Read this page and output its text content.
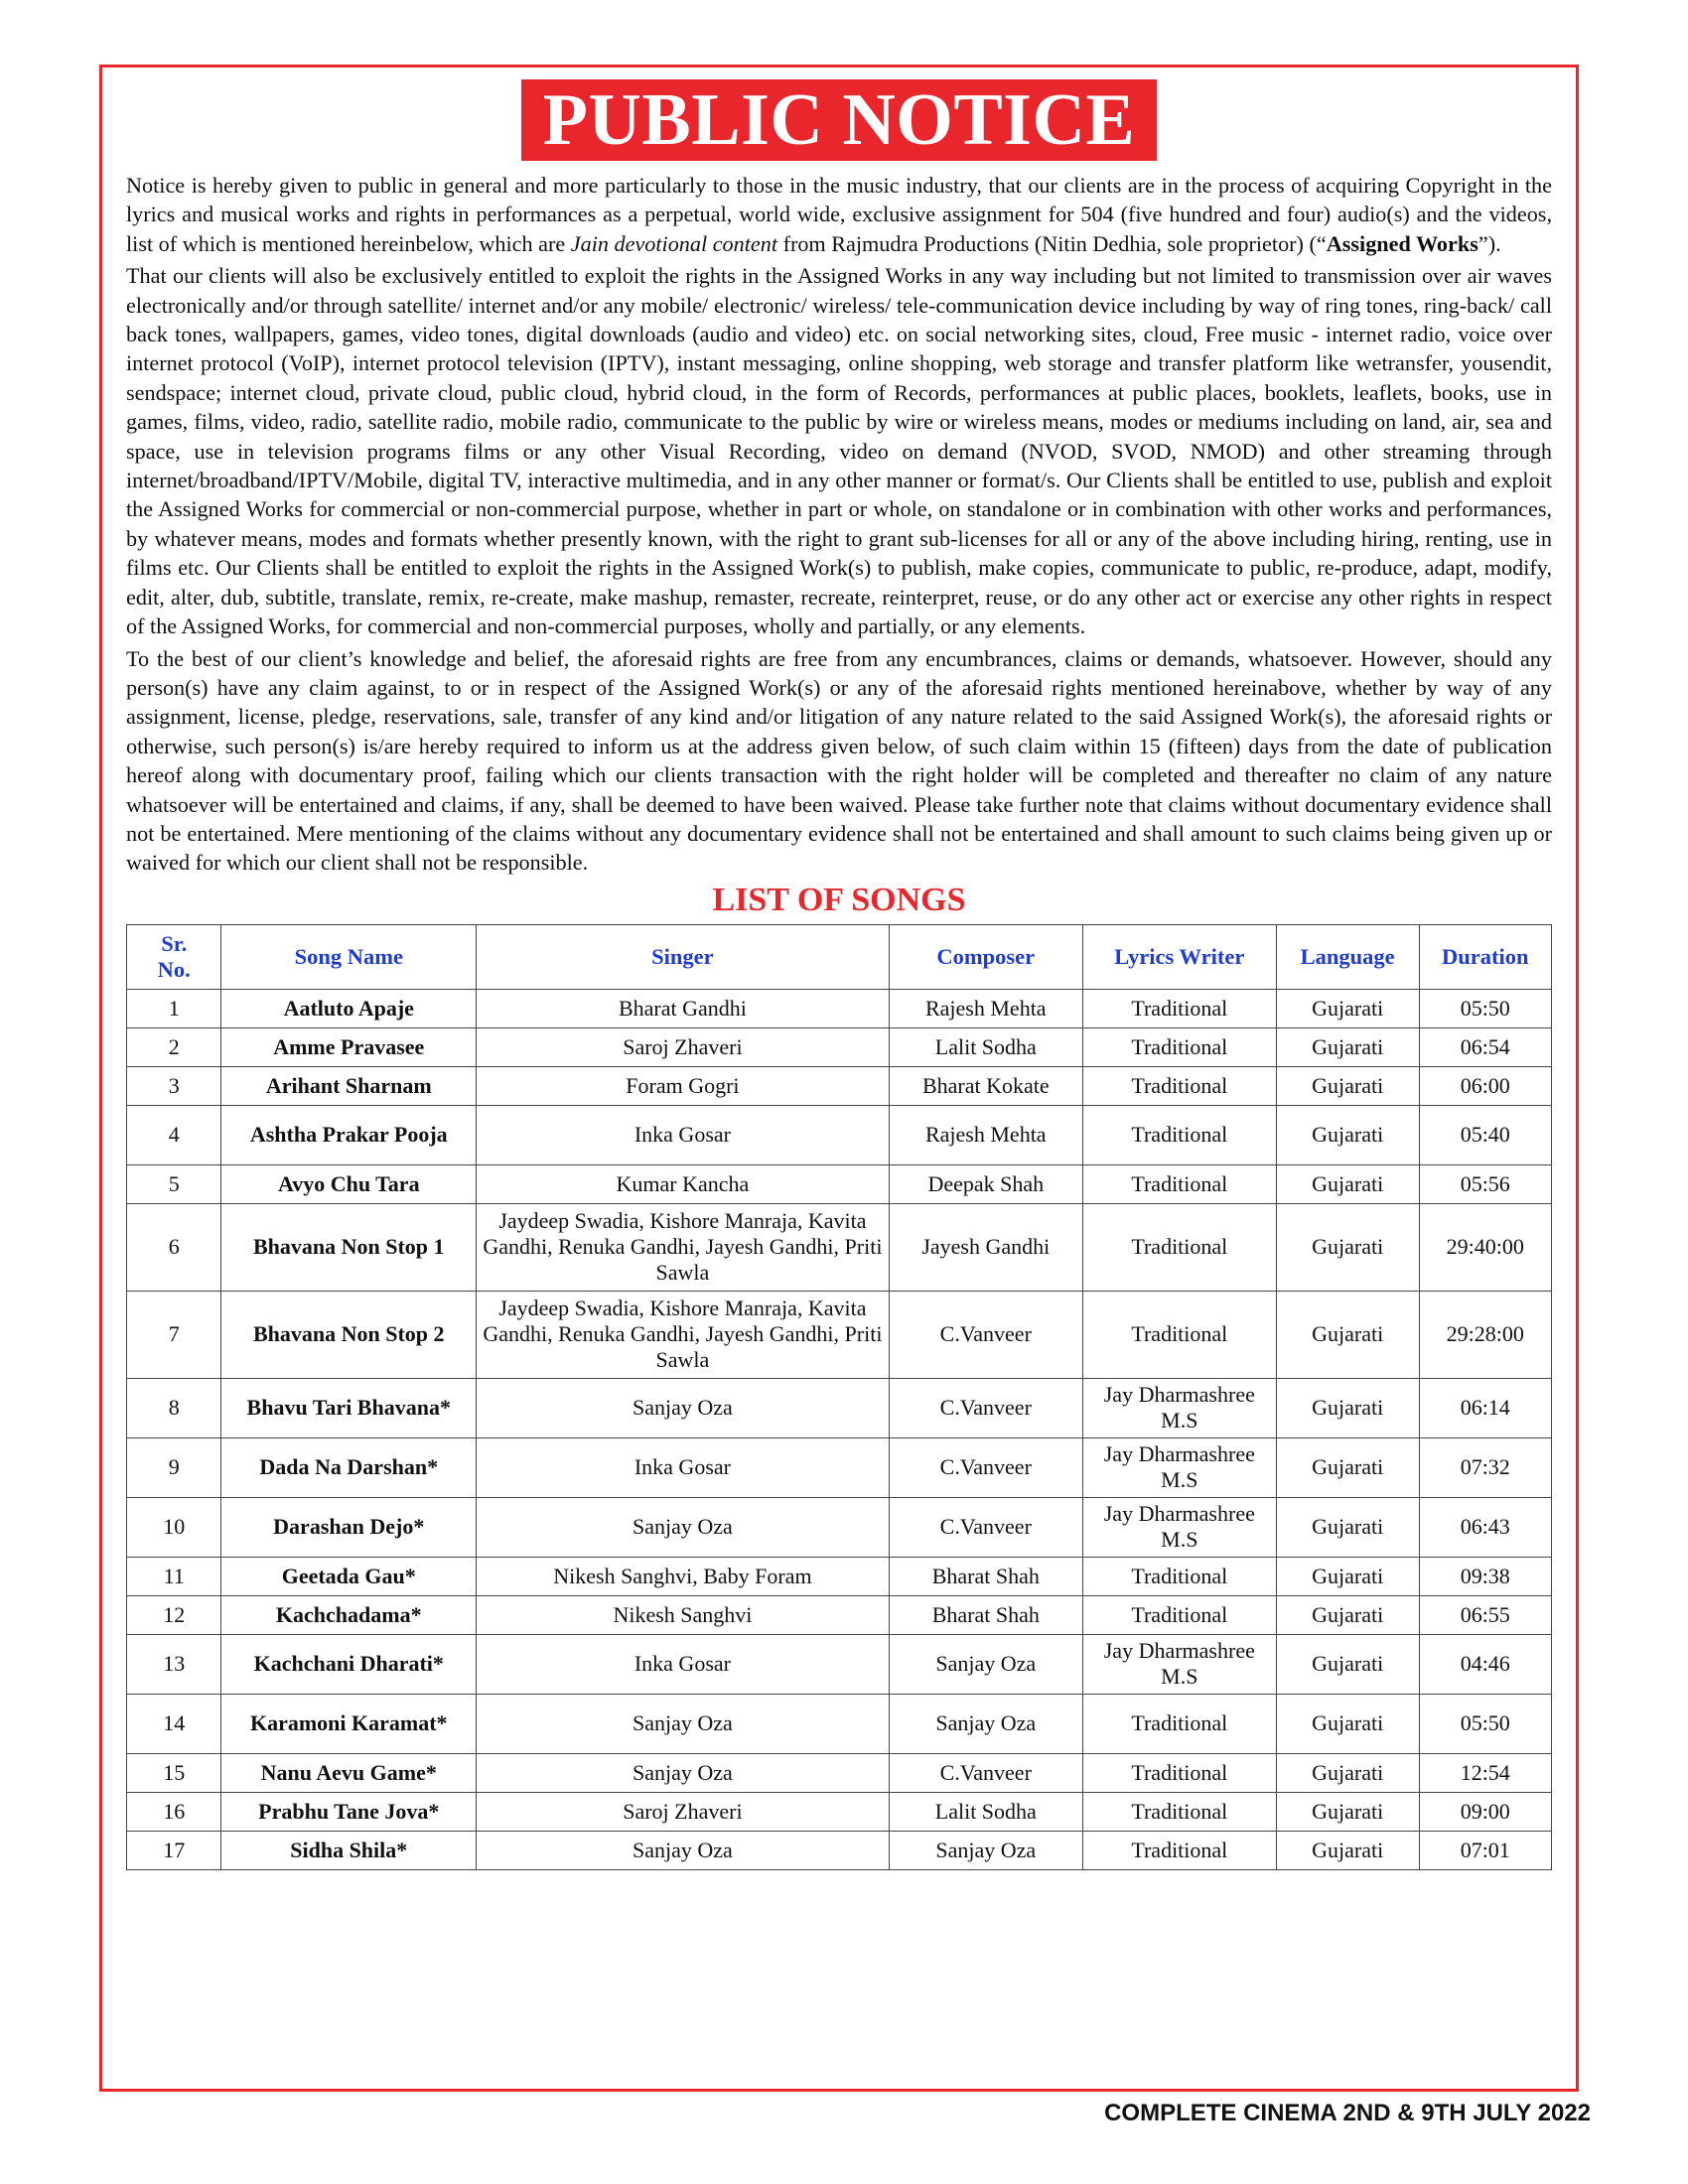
PUBLIC NOTICE

Notice is hereby given to public in general and more particularly to those in the music industry, that our clients are in the process of acquiring Copyright in the lyrics and musical works and rights in performances as a perpetual, world wide, exclusive assignment for 504 (five hundred and four) audio(s) and the videos, list of which is mentioned hereinbelow, which are Jain devotional content from Rajmudra Productions (Nitin Dedhia, sole proprietor) (“Assigned Works”).

That our clients will also be exclusively entitled to exploit the rights in the Assigned Works in any way including but not limited to transmission over air waves electronically and/or through satellite/ internet and/or any mobile/ electronic/ wireless/ tele-communication device including by way of ring tones, ring-back/ call back tones, wallpapers, games, video tones, digital downloads (audio and video) etc. on social networking sites, cloud, Free music - internet radio, voice over internet protocol (VoIP), internet protocol television (IPTV), instant messaging, online shopping, web storage and transfer platform like wetransfer, yousendit, sendspace; internet cloud, private cloud, public cloud, hybrid cloud, in the form of Records, performances at public places, booklets, leaflets, books, use in games, films, video, radio, satellite radio, mobile radio, communicate to the public by wire or wireless means, modes or mediums including on land, air, sea and space, use in television programs films or any other Visual Recording, video on demand (NVOD, SVOD, NMOD) and other streaming through internet/broadband/IPTV/Mobile, digital TV, interactive multimedia, and in any other manner or format/s. Our Clients shall be entitled to use, publish and exploit the Assigned Works for commercial or non-commercial purpose, whether in part or whole, on standalone or in combination with other works and performances, by whatever means, modes and formats whether presently known, with the right to grant sub-licenses for all or any of the above including hiring, renting, use in films etc. Our Clients shall be entitled to exploit the rights in the Assigned Work(s) to publish, make copies, communicate to public, re-produce, adapt, modify, edit, alter, dub, subtitle, translate, remix, re-create, make mashup, remaster, recreate, reinterpret, reuse, or do any other act or exercise any other rights in respect of the Assigned Works, for commercial and non-commercial purposes, wholly and partially, or any elements.

To the best of our client’s knowledge and belief, the aforesaid rights are free from any encumbrances, claims or demands, whatsoever. However, should any person(s) have any claim against, to or in respect of the Assigned Work(s) or any of the aforesaid rights mentioned hereinabove, whether by way of any assignment, license, pledge, reservations, sale, transfer of any kind and/or litigation of any nature related to the said Assigned Work(s), the aforesaid rights or otherwise, such person(s) is/are hereby required to inform us at the address given below, of such claim within 15 (fifteen) days from the date of publication hereof along with documentary proof, failing which our clients transaction with the right holder will be completed and thereafter no claim of any nature whatsoever will be entertained and claims, if any, shall be deemed to have been waived. Please take further note that claims without documentary evidence shall not be entertained. Mere mentioning of the claims without any documentary evidence shall not be entertained and shall amount to such claims being given up or waived for which our client shall not be responsible.

LIST OF SONGS
Sr.
No.	Song Name	Singer	Composer	Lyrics Writer	Language	Duration
1	Aatluto Apaje	Bharat Gandhi	Rajesh Mehta	Traditional	Gujarati	05:50
2	Amme Pravasee	Saroj Zhaveri	Lalit Sodha	Traditional	Gujarati	06:54
3	Arihant Sharnam	Foram Gogri	Bharat Kokate	Traditional	Gujarati	06:00
4	Ashtha Prakar Pooja	Inka Gosar	Rajesh Mehta	Traditional	Gujarati	05:40
5	Avyo Chu Tara	Kumar Kancha	Deepak Shah	Traditional	Gujarati	05:56
6	Bhavana Non Stop 1	Jaydeep Swadia, Kishore Manraja, Kavita Gandhi, Renuka Gandhi, Jayesh Gandhi, Priti Sawla	Jayesh Gandhi	Traditional	Gujarati	29:40:00
7	Bhavana Non Stop 2	Jaydeep Swadia, Kishore Manraja, Kavita Gandhi, Renuka Gandhi, Jayesh Gandhi, Priti Sawla	C.Vanveer	Traditional	Gujarati	29:28:00
8	Bhavu Tari Bhavana*	Sanjay Oza	C.Vanveer	Jay Dharmashree M.S	Gujarati	06:14
9	Dada Na Darshan*	Inka Gosar	C.Vanveer	Jay Dharmashree M.S	Gujarati	07:32
10	Darashan Dejo*	Sanjay Oza	C.Vanveer	Jay Dharmashree M.S	Gujarati	06:43
11	Geetada Gau*	Nikesh Sanghvi, Baby Foram	Bharat Shah	Traditional	Gujarati	09:38
12	Kachchadama*	Nikesh Sanghvi	Bharat Shah	Traditional	Gujarati	06:55
13	Kachchani Dharati*	Inka Gosar	Sanjay Oza	Jay Dharmashree M.S	Gujarati	04:46
14	Karamoni Karamat*	Sanjay Oza	Sanjay Oza	Traditional	Gujarati	05:50
15	Nanu Aevu Game*	Sanjay Oza	C.Vanveer	Traditional	Gujarati	12:54
16	Prabhu Tane Jova*	Saroj Zhaveri	Lalit Sodha	Traditional	Gujarati	09:00
17	Sidha Shila*	Sanjay Oza	Sanjay Oza	Traditional	Gujarati	07:01
COMPLETE CINEMA 2ND & 9TH JULY 2022
